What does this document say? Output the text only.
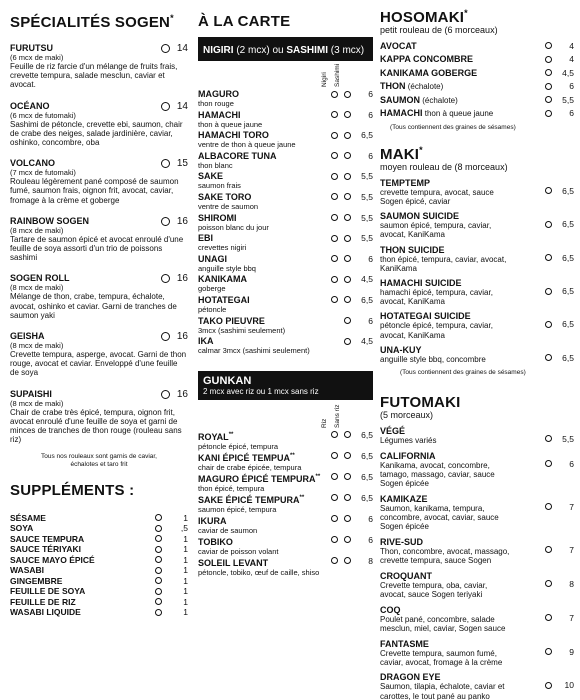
SPÉCIALITÉS SOGEN*
FURUTSU	14
(6 mcx de maki)
Feuille de riz farcie d'un mélange de fruits frais, crevette tempura, salade mesclun, caviar et avocat.
OCÉANO	14
(6 mcx de futomaki)
Sashimi de pétoncle, crevette ebi, saumon, chair de crabe des neiges, salade jardinière, caviar, oshinko, concombre, oba
VOLCANO	15
(7 mcx de futomaki)
Rouleau légèrement pané composé de saumon fumé, saumon frais, oignon frit, avocat, caviar, fromage à la crème et goberge
RAINBOW SOGEN	16
(8 mcx de maki)
Tartare de saumon épicé et avocat enroulé d'une feuille de soya assorti d'un trio de poissons sashimi
SOGEN ROLL	16
(8 mcx de maki)
Mélange de thon, crabe, tempura, échalote, avocat, oshinko et caviar. Garni de tranches de saumon yaki
GEISHA	16
(8 mcx de maki)
Crevette tempura, asperge, avocat. Garni de thon rouge, avocat et caviar. Enveloppé d'une feuille de soya
SUPAISHI	16
(8 mcx de maki)
Chair de crabe très épicé, tempura, oignon frit, avocat enroulé d'une feuille de soya et garni de minces de tranches de thon rouge (rouleau sans riz)
Tous nos rouleaux sont garnis de caviar, échalotes et taro frit
SUPPLÉMENTS :
SÉSAME	1
SOYA	,5
SAUCE TEMPURA	1
SAUCE TÉRIYAKI	1
SAUCE MAYO ÉPICÉ	1
WASABI	1
GINGEMBRE	1
FEUILLE DE SOYA	1
FEUILLE DE RIZ	1
WASABI LIQUIDE	1
À LA CARTE
NIGIRI (2 mcx) ou SASHIMI (3 mcx)
Nigiri Sashimi
MAGURO
thon rouge
6
HAMACHI
thon à queue jaune
6
HAMACHI TORO
ventre de thon à queue jaune
6,5
ALBACORE TUNA
thon blanc
6
SAKE
saumon frais
5,5
SAKE TORO
ventre de saumon
5,5
SHIROMI
poisson blanc du jour
5,5
EBI
crevettes nigiri
5,5
UNAGI
anguille style bbq
6
KANIKAMA
goberge
4,5
HOTATEGAI
pétoncle
6,5
TAKO PIEUVRE
3mcx (sashimi seulement)
6
IKA
calmar 3mcx (sashimi seulement)
4,5
GUNKAN
2 mcx avec riz ou 1 mcx sans riz
Riz Sans riz
ROYAL**
pétoncle épicé, tempura
6,5
KANI ÉPICÉ TEMPUA**
chair de crabe épicée, tempura
6,5
MAGURO ÉPICÉ TEMPURA**
thon épicé, tempura
6,5
SAKE ÉPICÉ TEMPURA**
saumon épicé, tempura
6,5
IKURA
caviar de saumon
6
TOBIKO
caviar de poisson volant
6
SOLEIL LEVANT
pétoncle, tobiko, œuf de caille, shiso
8
HOSOMAKI*
petit rouleau de (6 morceaux)
AVOCAT	4
KAPPA CONCOMBRE	4
KANIKAMA GOBERGE	4,5
THON (échalote)	6
SAUMON (échalote)	5,5
HAMACHI thon à queue jaune	6
(Tous contiennent des graines de sésames)
MAKI*
moyen rouleau de (8 morceaux)
TEMPTEMP
crevette tempura, avocat, sauce Sogen épicé, caviar
6,5
SAUMON SUICIDE
saumon épicé, tempura, caviar, avocat, KaniKama
6,5
THON SUICIDE
thon épicé, tempura, caviar, avocat, KaniKama
6,5
HAMACHI SUICIDE
hamachi épicé, tempura, caviar, avocat, KaniKama
6,5
HOTATEGAI SUICIDE
pétoncle épicé, tempura, caviar, avocat, KaniKama
6,5
UNA-KUY
anguille style bbq, concombre	6,5
(Tous contiennent des graines de sésames)
FUTOMAKI
(5 morceaux)
VÉGÉ
Légumes variés	5,5
CALIFORNIA
Kanikama, avocat, concombre, tamago, massago, caviar, sauce Sogen épicée
6
KAMIKAZE
Saumon, kanikama, tempura, concombre, avocat, caviar, sauce Sogen épicée
7
RIVE-SUD
Thon, concombre, avocat, massago, crevette tempura, sauce Sogen
7
CROQUANT
Crevette tempura, oba, caviar, avocat, sauce Sogen teriyaki
8
COQ
Poulet pané, concombre, salade mesclun, miel, caviar, Sogen sauce
7
FANTASME
Crevette tempura, saumon fumé, caviar, avocat, fromage à la crème
9
DRAGON EYE
Saumon, tilapia, échalote, caviar et carottes, le tout pané au panko
10
